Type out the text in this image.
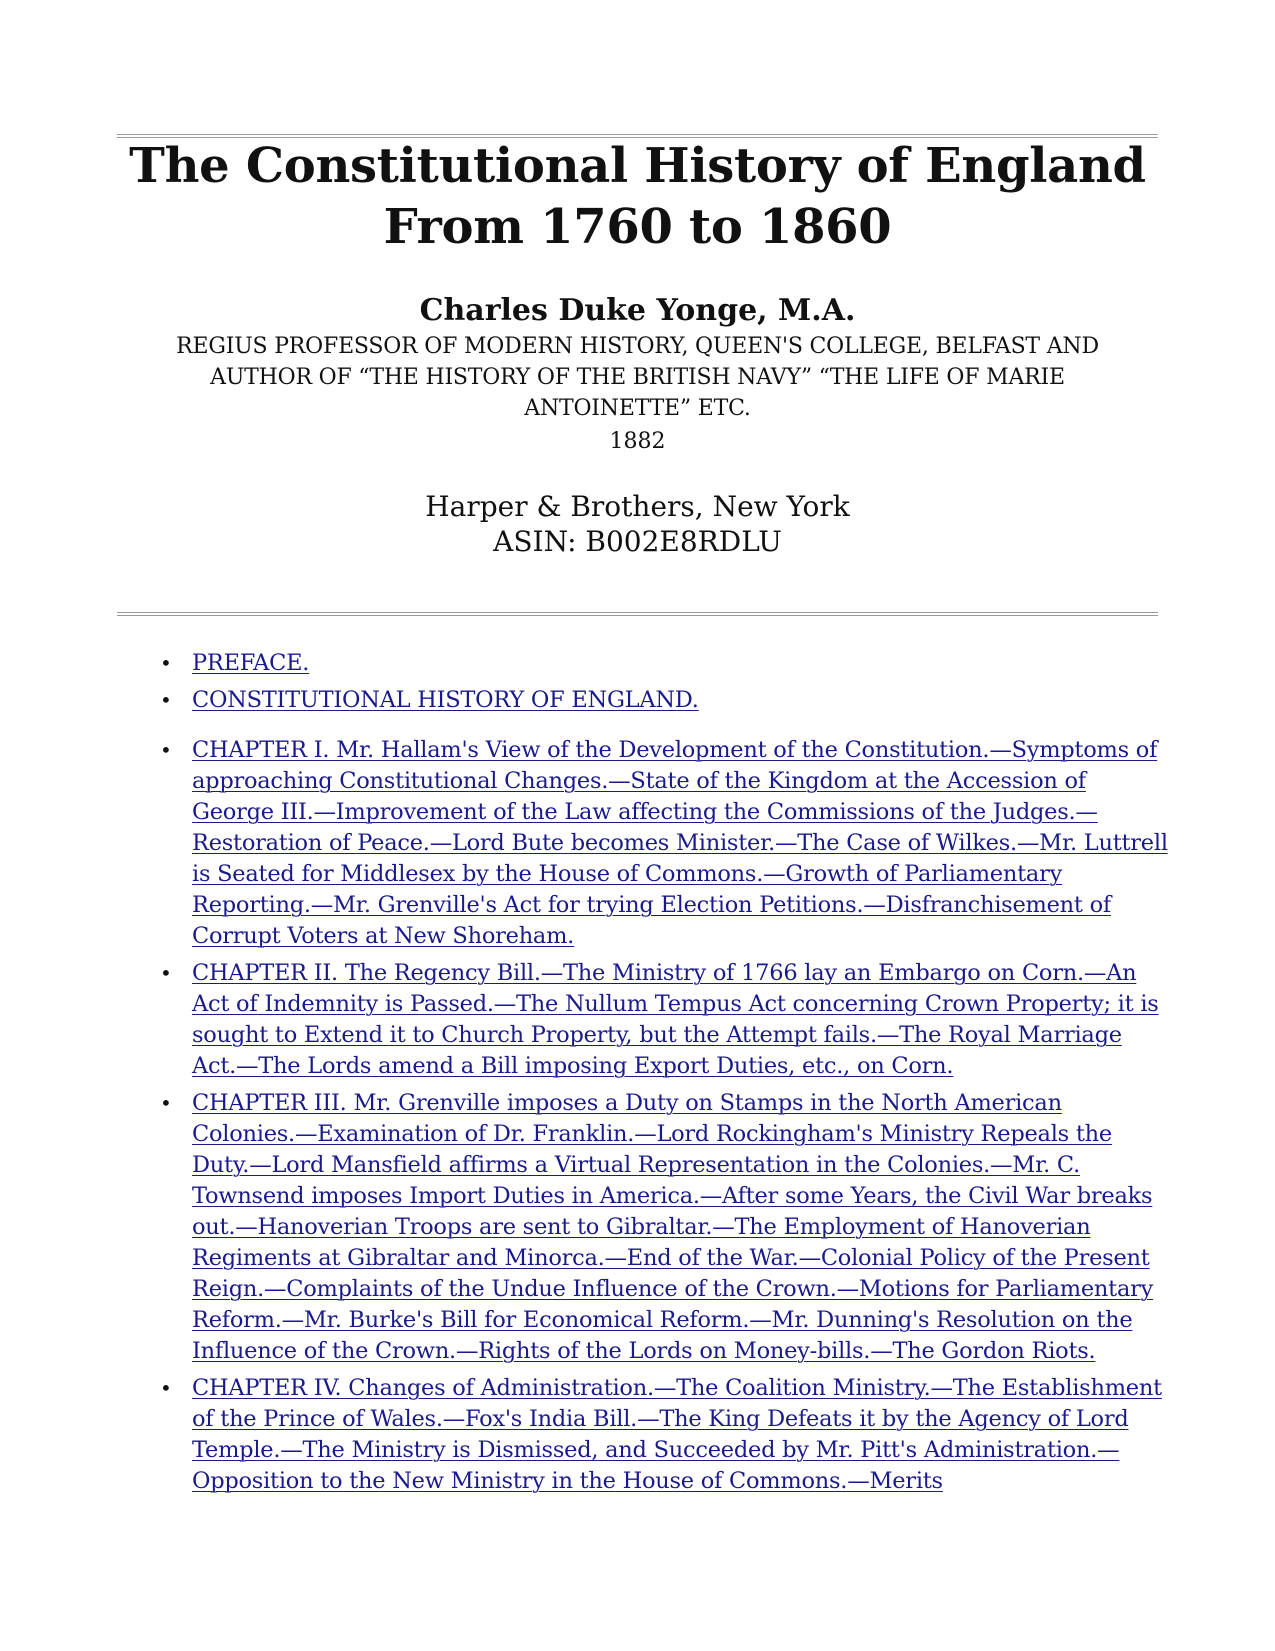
The Constitutional History of England
From 1760 to 1860
Charles Duke Yonge, M.A.
REGIUS PROFESSOR OF MODERN HISTORY, QUEEN'S COLLEGE, BELFAST AND AUTHOR OF “THE HISTORY OF THE BRITISH NAVY” “THE LIFE OF MARIE ANTOINETTE” ETC.
1882
Harper & Brothers, New York
ASIN: B002E8RDLU
• PREFACE.
• CONSTITUTIONAL HISTORY OF ENGLAND.
• CHAPTER I. Mr. Hallam's View of the Development of the Constitution.—Symptoms of approaching Constitutional Changes.—State of the Kingdom at the Accession of George III.—Improvement of the Law affecting the Commissions of the Judges.—Restoration of Peace.—Lord Bute becomes Minister.—The Case of Wilkes.—Mr. Luttrell is Seated for Middlesex by the House of Commons.—Growth of Parliamentary Reporting.—Mr. Grenville's Act for trying Election Petitions.—Disfranchisement of Corrupt Voters at New Shoreham.
• CHAPTER II. The Regency Bill.—The Ministry of 1766 lay an Embargo on Corn.—An Act of Indemnity is Passed.—The Nullum Tempus Act concerning Crown Property; it is sought to Extend it to Church Property, but the Attempt fails.—The Royal Marriage Act.—The Lords amend a Bill imposing Export Duties, etc., on Corn.
• CHAPTER III. Mr. Grenville imposes a Duty on Stamps in the North American Colonies.—Examination of Dr. Franklin.—Lord Rockingham's Ministry Repeals the Duty.—Lord Mansfield affirms a Virtual Representation in the Colonies.—Mr. C. Townsend imposes Import Duties in America.—After some Years, the Civil War breaks out.—Hanoverian Troops are sent to Gibraltar.—The Employment of Hanoverian Regiments at Gibraltar and Minorca.—End of the War.—Colonial Policy of the Present Reign.—Complaints of the Undue Influence of the Crown.—Motions for Parliamentary Reform.—Mr. Burke's Bill for Economical Reform.—Mr. Dunning's Resolution on the Influence of the Crown.—Rights of the Lords on Money-bills.—The Gordon Riots.
• CHAPTER IV. Changes of Administration.—The Coalition Ministry.—The Establishment of the Prince of Wales.—Fox's India Bill.—The King Defeats it by the Agency of Lord Temple.—The Ministry is Dismissed, and Succeeded by Mr. Pitt's Administration.—Opposition to the New Ministry in the House of Commons.—Merits
